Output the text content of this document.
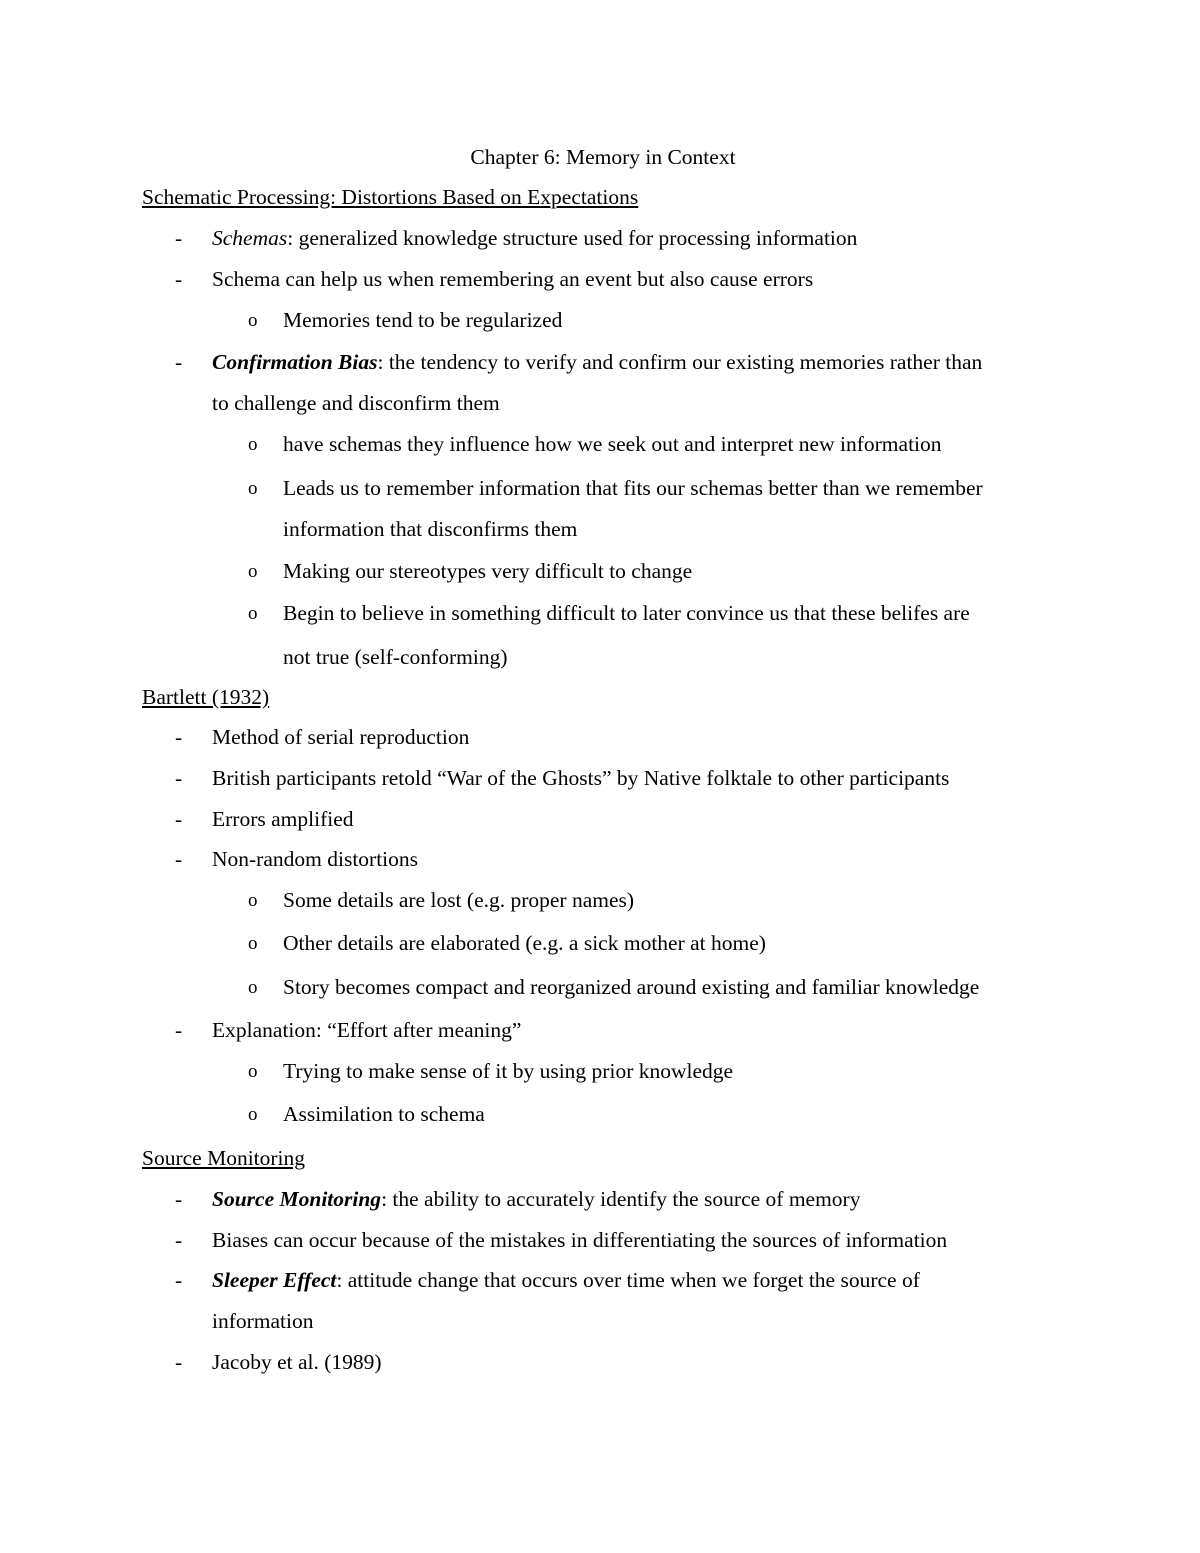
Chapter 6: Memory in Context
Schematic Processing: Distortions Based on Expectations
- Schemas: generalized knowledge structure used for processing information
- Schema can help us when remembering an event but also cause errors
o Memories tend to be regularized
- Confirmation Bias: the tendency to verify and confirm our existing memories rather than
to challenge and disconfirm them
o have schemas they influence how we seek out and interpret new information
o Leads us to remember information that fits our schemas better than we remember
information that disconfirms them
o Making our stereotypes very difficult to change
o Begin to believe in something difficult to later convince us that these belifes are
not true (self-conforming)
Bartlett (1932)
- Method of serial reproduction
- British participants retold “War of the Ghosts” by Native folktale to other participants
- Errors amplified
- Non-random distortions
o Some details are lost (e.g. proper names)
o Other details are elaborated (e.g. a sick mother at home)
o Story becomes compact and reorganized around existing and familiar knowledge
- Explanation: “Effort after meaning”
o Trying to make sense of it by using prior knowledge
o Assimilation to schema
Source Monitoring
- Source Monitoring: the ability to accurately identify the source of memory
- Biases can occur because of the mistakes in differentiating the sources of information
- Sleeper Effect: attitude change that occurs over time when we forget the source of
information
- Jacoby et al. (1989)
